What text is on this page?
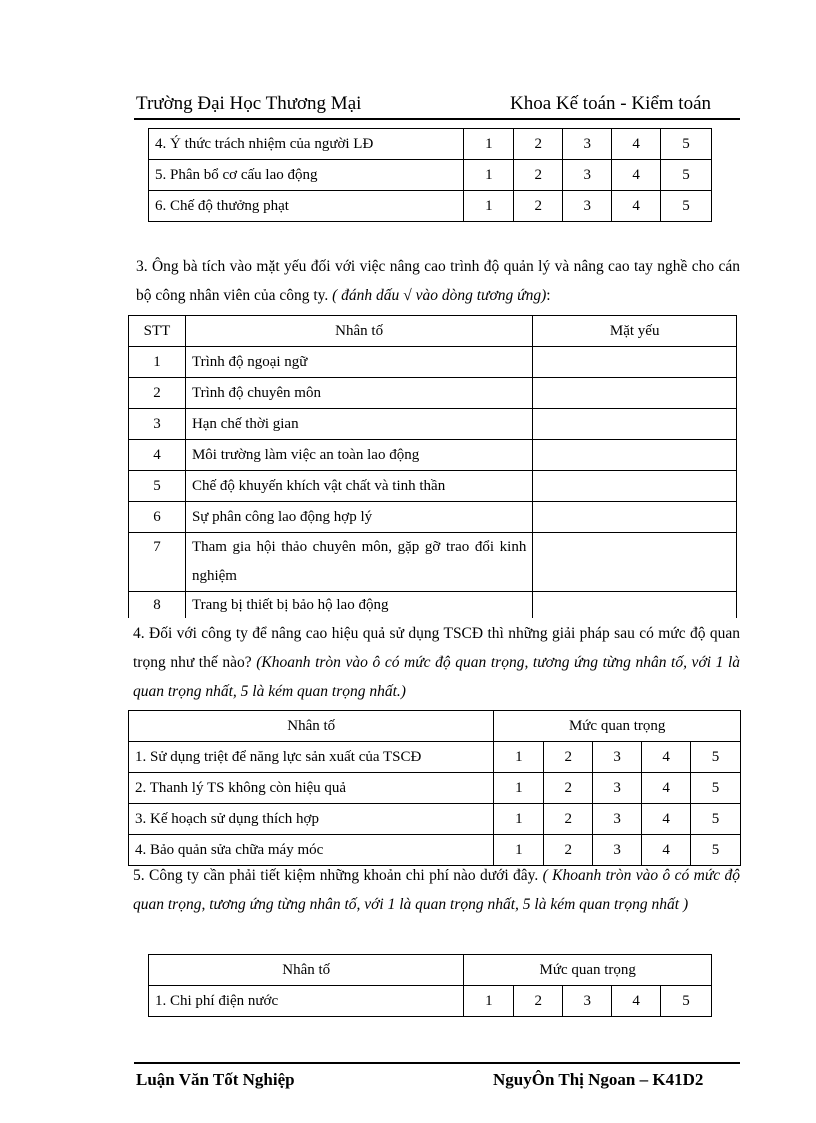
Trường Đại Học Thương Mại	Khoa Kế toán - Kiểm toán
4. Ý thức trách nhiệm của người LĐ	1	2	3	4	5
5. Phân bổ cơ cấu lao động	1	2	3	4	5
6. Chế độ thưởng phạt	1	2	3	4	5
3. Ông bà tích vào mặt yếu đối với việc nâng cao trình độ quản lý và nâng cao tay nghề cho cán bộ công nhân viên của công ty. ( đánh dấu √ vào dòng tương ứng):
STT	Nhân tố	Mặt yếu
1	Trình độ ngoại ngữ	
2	Trình độ chuyên môn	
3	Hạn chế thời gian	
4	Môi trường làm việc an toàn lao động	
5	Chế độ khuyến khích vật chất và tinh thần	
6	Sự phân công lao động hợp lý	
7	Tham gia hội thảo chuyên môn, gặp gỡ trao đổi kinh nghiệm	
8	Trang bị thiết bị bảo hộ lao động	
4. Đối với công ty để nâng cao hiệu quả sử dụng TSCĐ thì những giải pháp sau có mức độ quan trọng như thế nào? (Khoanh tròn vào ô có mức độ quan trọng, tương ứng từng nhân tố, với 1 là quan trọng nhất, 5 là kém quan trọng nhất.)
Nhân tố	Mức quan trọng				
1. Sử dụng triệt để năng lực sản xuất của TSCĐ	1	2	3	4	5
2. Thanh lý TS không còn hiệu quả	1	2	3	4	5
3. Kế hoạch sử dụng thích hợp	1	2	3	4	5
4. Bảo quản sửa chữa máy móc	1	2	3	4	5
5. Công ty cần phải tiết kiệm những khoản chi phí nào dưới đây. ( Khoanh tròn vào ô có mức độ quan trọng, tương ứng từng nhân tố, với 1 là quan trọng nhất, 5 là kém quan trọng nhất )
Nhân tố	Mức quan trọng				
1. Chi phí điện nước	1	2	3	4	5
Luận Văn Tốt Nghiệp	NguyÔn Thị Ngoan – K41D2
